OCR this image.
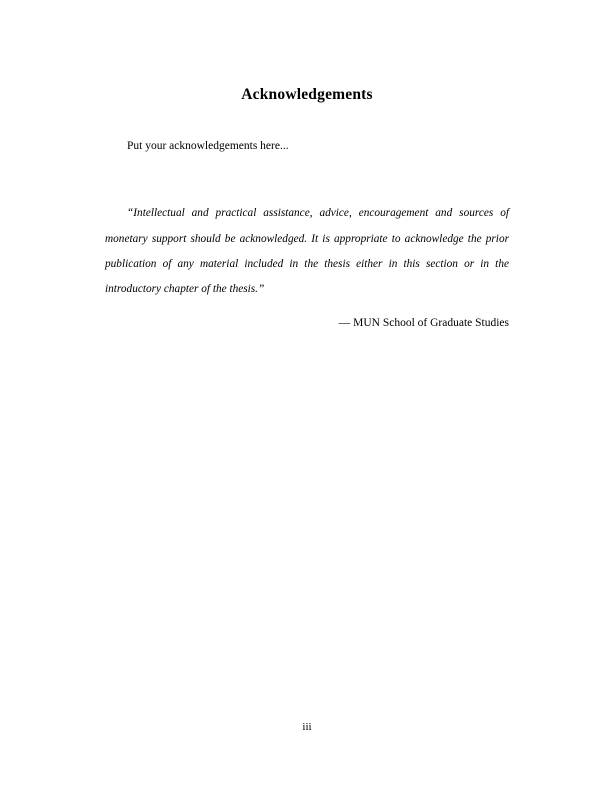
Acknowledgements

Put your acknowledgements here...

“Intellectual and practical assistance, advice, encouragement and sources of monetary support should be acknowledged. It is appropriate to acknowledge the prior publication of any material included in the thesis either in this section or in the introductory chapter of the thesis.”

— MUN School of Graduate Studies

iii
